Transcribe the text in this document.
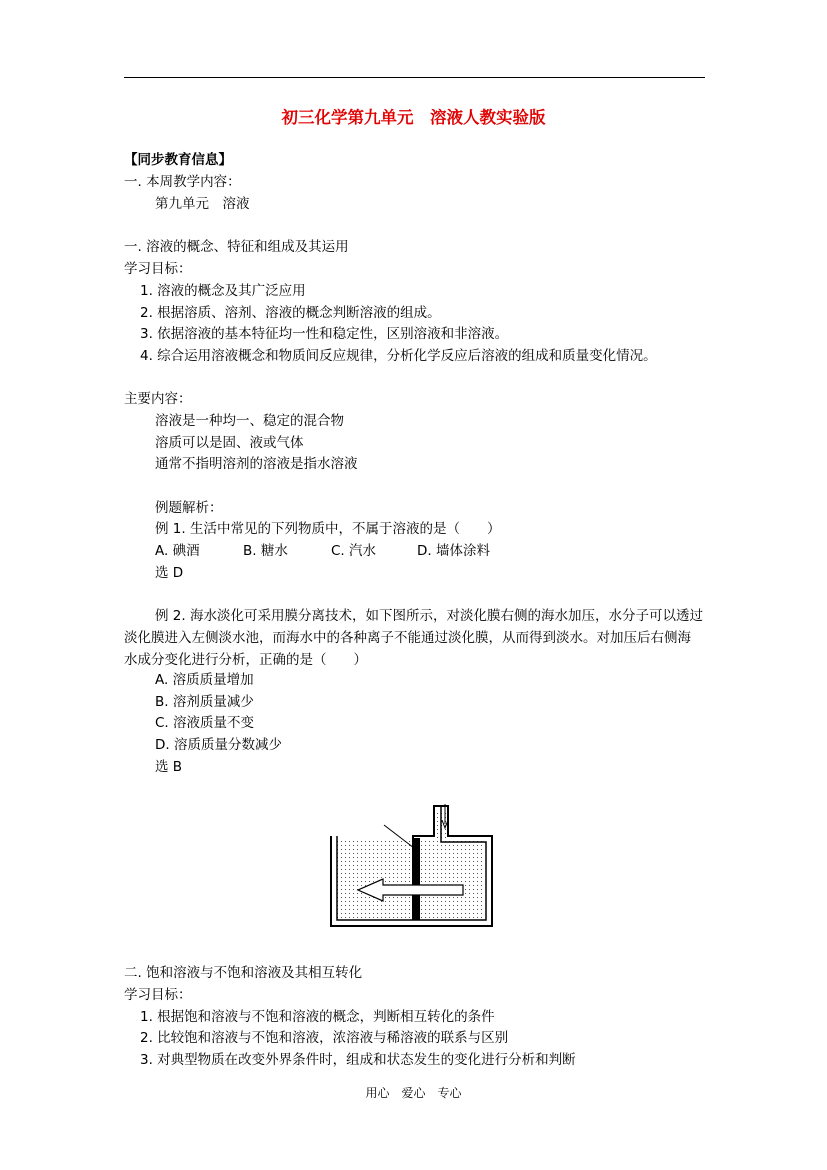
初三化学第九单元　溶液人教实验版
【同步教育信息】
一. 本周教学内容：
第九单元　溶液
一. 溶液的概念、特征和组成及其运用
学习目标：
1. 溶液的概念及其广泛应用
2. 根据溶质、溶剂、溶液的概念判断溶液的组成。
3. 依据溶液的基本特征均一性和稳定性，区别溶液和非溶液。
4. 综合运用溶液概念和物质间反应规律，分析化学反应后溶液的组成和质量变化情况。
主要内容：
溶液是一种均一、稳定的混合物
溶质可以是固、液或气体
通常不指明溶剂的溶液是指水溶液
例题解析：
例 1. 生活中常见的下列物质中，不属于溶液的是（　　）
A. 碘酒	B. 糖水	C. 汽水	D. 墙体涂料
选 D
例 2. 海水淡化可采用膜分离技术，如下图所示，对淡化膜右侧的海水加压，水分子可以透过淡化膜进入左侧淡水池，而海水中的各种离子不能通过淡化膜，从而得到淡水。对加压后右侧海水成分变化进行分析，正确的是（　　）
A. 溶质质量增加
B. 溶剂质量减少
C. 溶液质量不变
D. 溶质质量分数减少
选 B
二. 饱和溶液与不饱和溶液及其相互转化
学习目标：
1. 根据饱和溶液与不饱和溶液的概念，判断相互转化的条件
2. 比较饱和溶液与不饱和溶液，浓溶液与稀溶液的联系与区别
3. 对典型物质在改变外界条件时，组成和状态发生的变化进行分析和判断
用心 爱心 专心
